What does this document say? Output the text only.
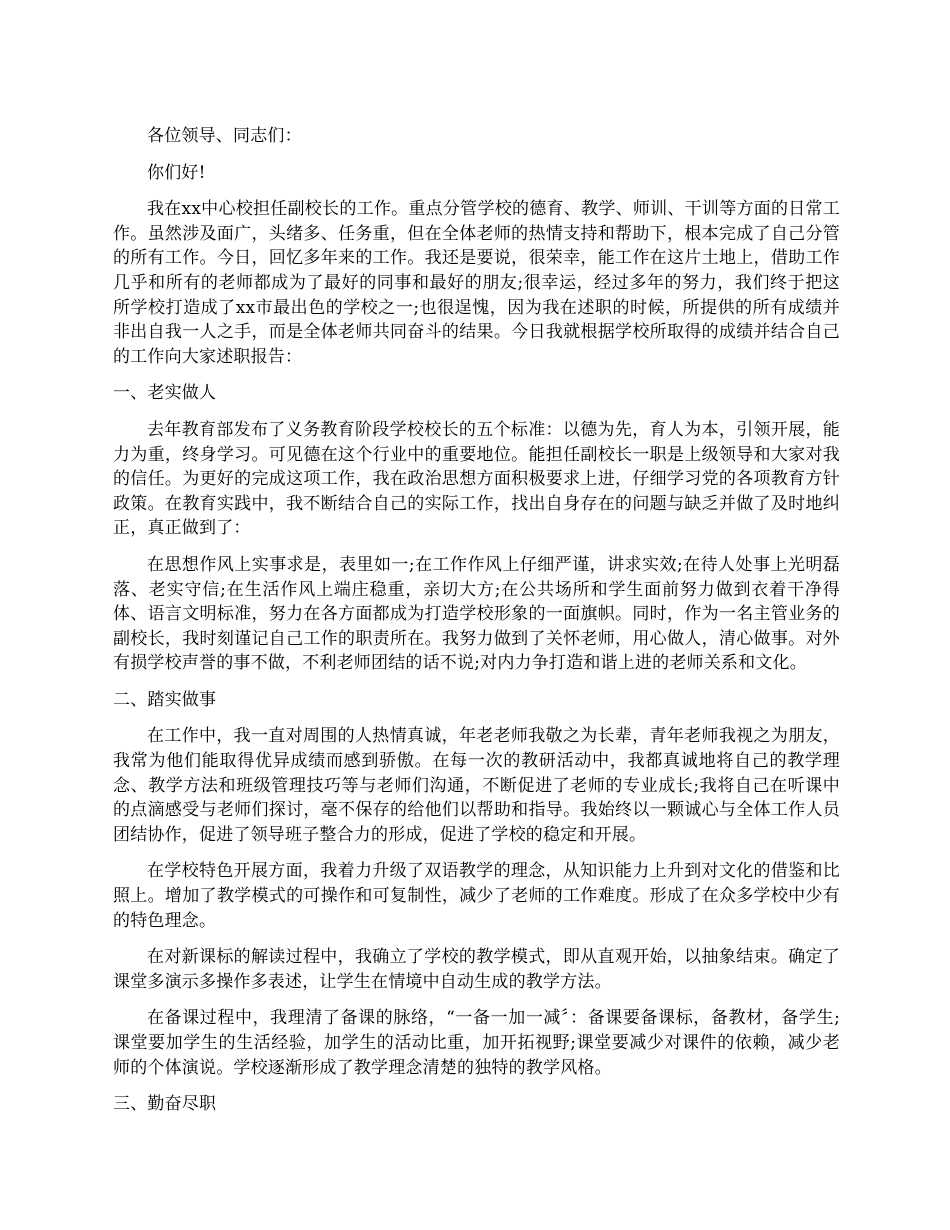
各位领导、同志们：

你们好!

我在xx中心校担任副校长的工作。重点分管学校的德育、教学、师训、干训等方面的日常工作。虽然涉及面广，头绪多、任务重，但在全体老师的热情支持和帮助下，根本完成了自己分管的所有工作。今日，回忆多年来的工作。我还是要说，很荣幸，能工作在这片土地上，借助工作几乎和所有的老师都成为了最好的同事和最好的朋友;很幸运，经过多年的努力，我们终于把这所学校打造成了xx市最出色的学校之一;也很逞愧，因为我在述职的时候，所提供的所有成绩并非出自我一人之手，而是全体老师共同奋斗的结果。今日我就根据学校所取得的成绩并结合自己的工作向大家述职报告：

一、老实做人

去年教育部发布了义务教育阶段学校校长的五个标准：以德为先，育人为本，引领开展，能力为重，终身学习。可见德在这个行业中的重要地位。能担任副校长一职是上级领导和大家对我的信任。为更好的完成这项工作，我在政治思想方面积极要求上进，仔细学习党的各项教育方针政策。在教育实践中，我不断结合自己的实际工作，找出自身存在的问题与缺乏并做了及时地纠正，真正做到了：

在思想作风上实事求是，表里如一;在工作作风上仔细严谨，讲求实效;在待人处事上光明磊落、老实守信;在生活作风上端庄稳重，亲切大方;在公共场所和学生面前努力做到衣着干净得体、语言文明标准，努力在各方面都成为打造学校形象的一面旗帜。同时，作为一名主管业务的副校长，我时刻谨记自己工作的职责所在。我努力做到了关怀老师，用心做人，清心做事。对外有损学校声誉的事不做，不利老师团结的话不说;对内力争打造和谐上进的老师关系和文化。

二、踏实做事

在工作中，我一直对周围的人热情真诚，年老老师我敬之为长辈，青年老师我视之为朋友，我常为他们能取得优异成绩而感到骄傲。在每一次的教研活动中，我都真诚地将自己的教学理念、教学方法和班级管理技巧等与老师们沟通，不断促进了老师的专业成长;我将自己在听课中的点滴感受与老师们探讨，毫不保存的给他们以帮助和指导。我始终以一颗诚心与全体工作人员团结协作，促进了领导班子整合力的形成，促进了学校的稳定和开展。

在学校特色开展方面，我着力升级了双语教学的理念，从知识能力上升到对文化的借鉴和比照上。增加了教学模式的可操作和可复制性，减少了老师的工作难度。形成了在众多学校中少有的特色理念。

在对新课标的解读过程中，我确立了学校的教学模式，即从直观开始，以抽象结束。确定了课堂多演示多操作多表述，让学生在情境中自动生成的教学方法。

在备课过程中，我理清了备课的脉络，“一备一加一减〞：备课要备课标，备教材，备学生;课堂要加学生的生活经验，加学生的活动比重，加开拓视野;课堂要减少对课件的依赖，减少老师的个体演说。学校逐渐形成了教学理念清楚的独特的教学风格。

三、勤奋尽职
